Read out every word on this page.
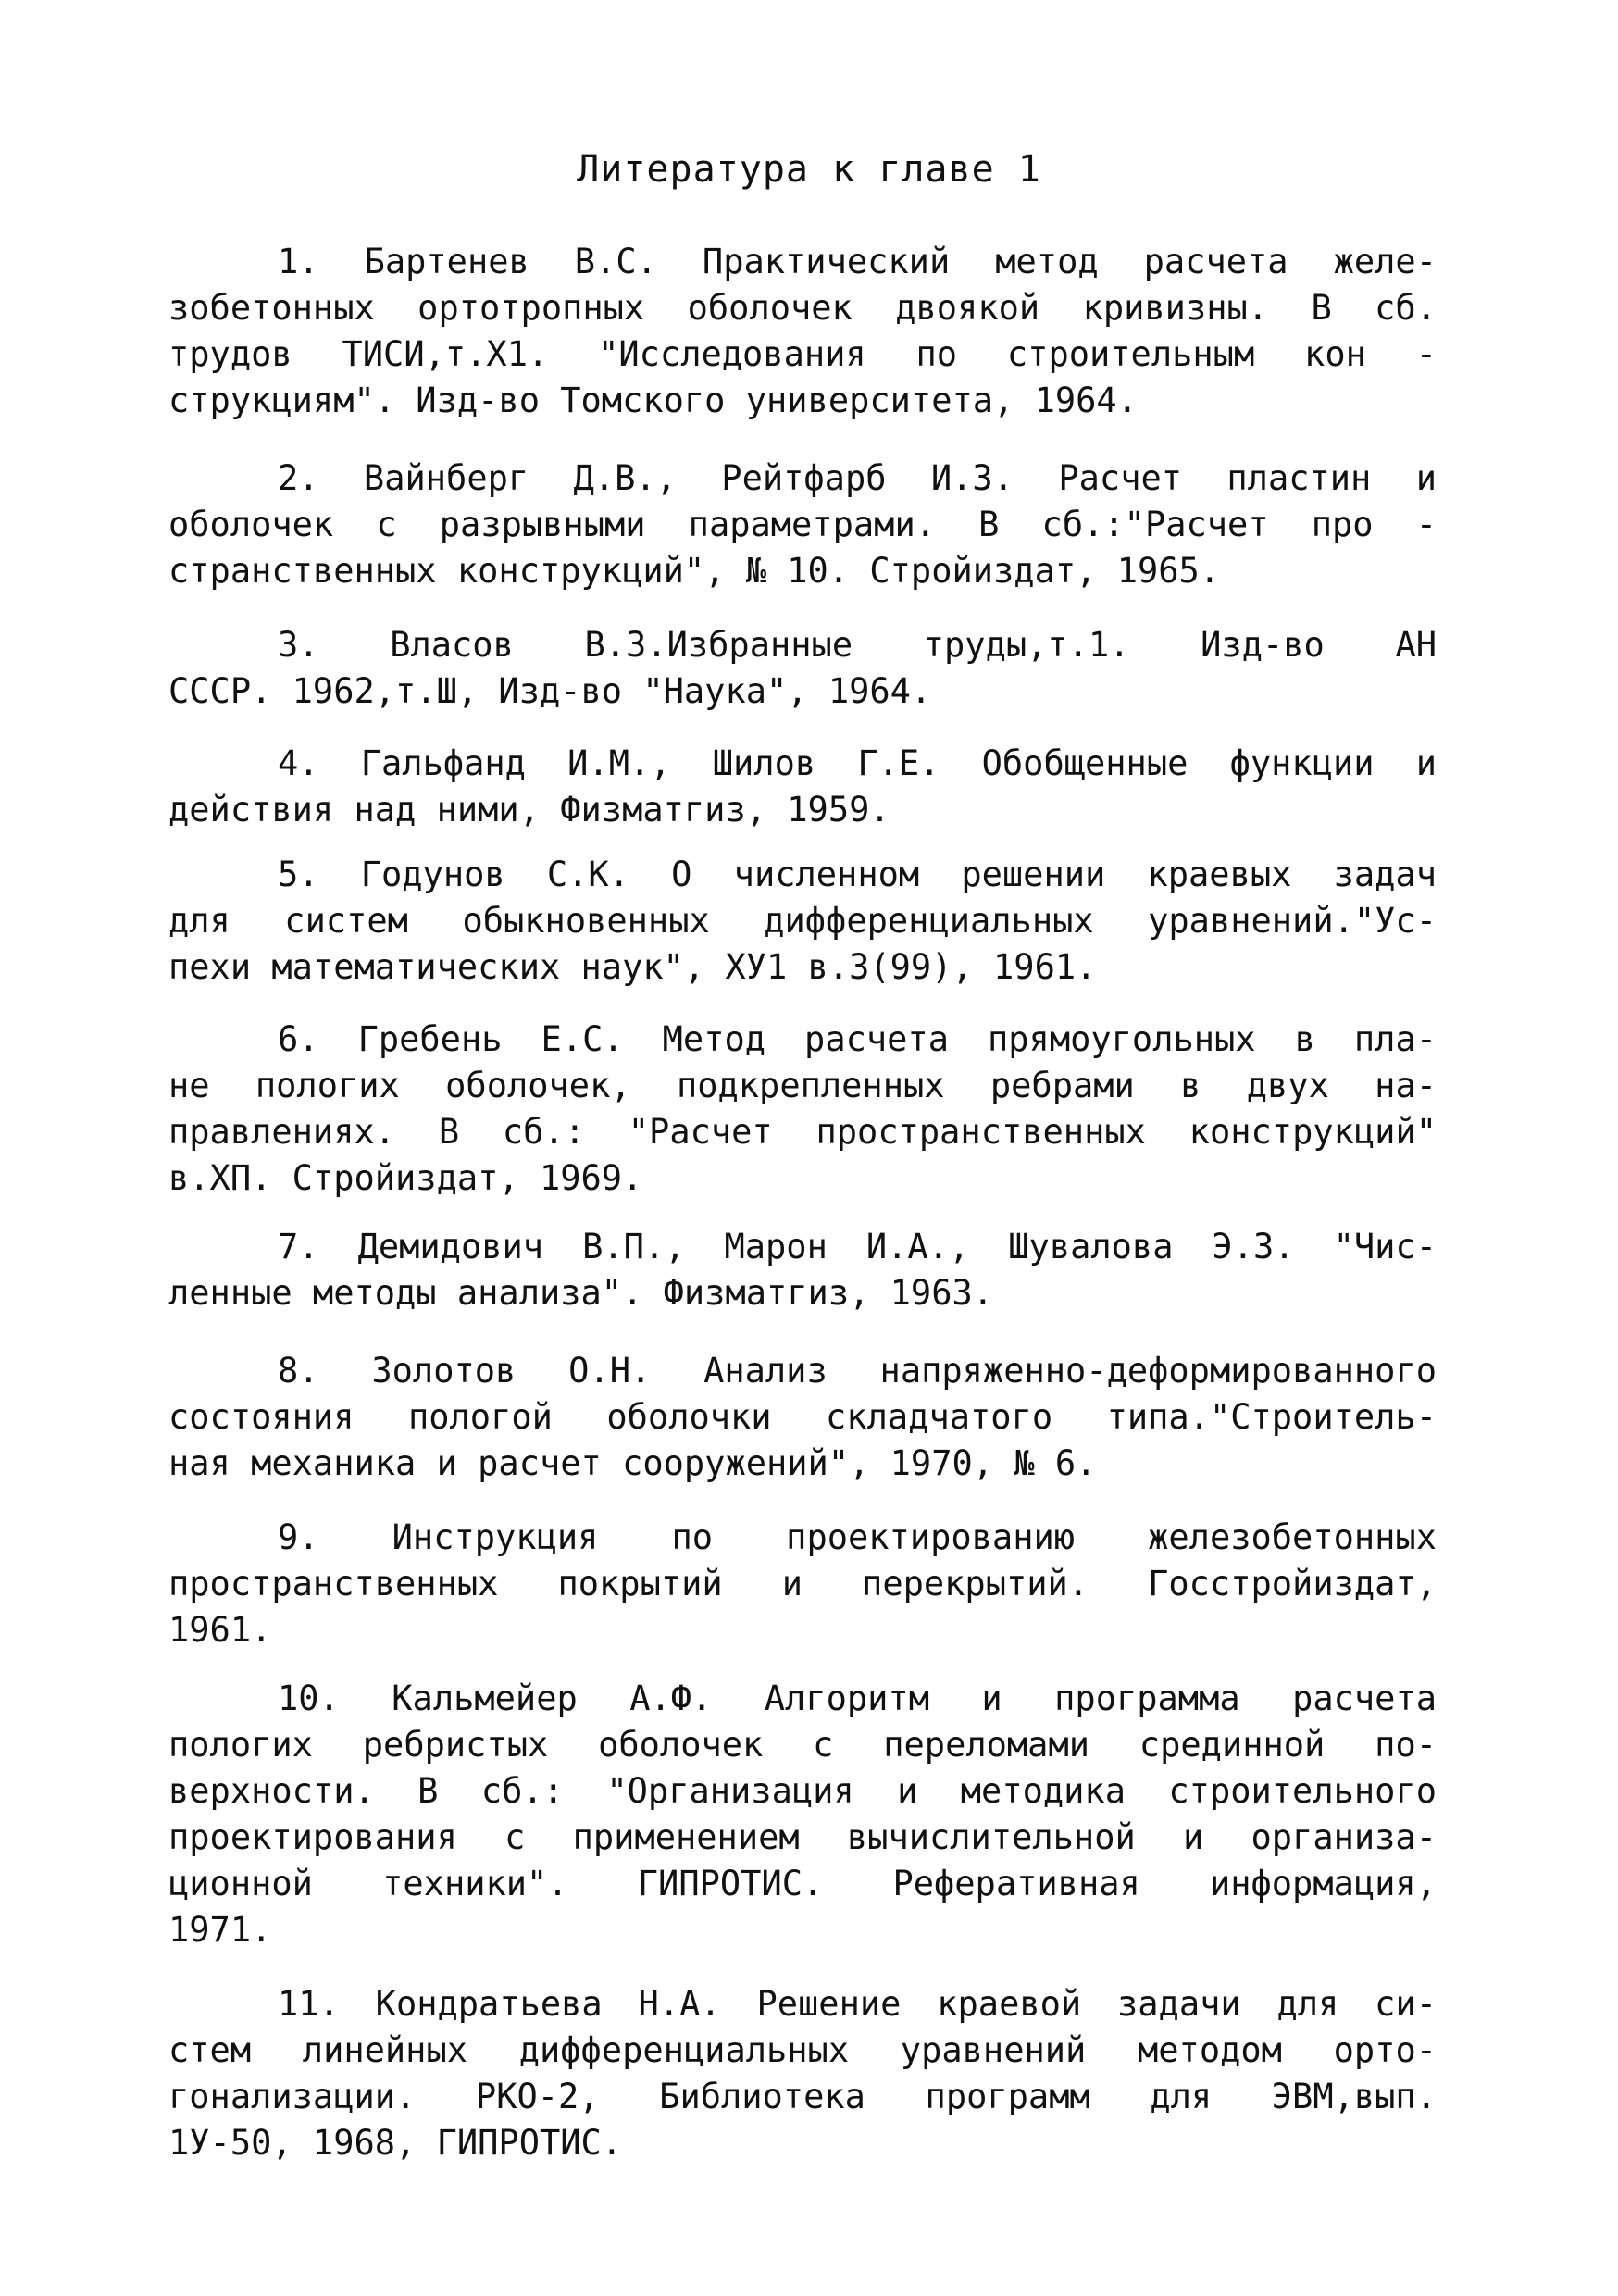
Литература к главе 1
1. Бартенев В.С. Практический метод расчета желе-
зобетонных ортотропных оболочек двоякой кривизны. В сб.
трудов ТИСИ,т.Х1. "Исследования по строительным кон -
струкциям". Изд-во Томского университета, 1964.
2. Вайнберг Д.В., Рейтфарб И.З. Расчет пластин и
оболочек с разрывными параметрами. В сб.:"Расчет про -
странственных конструкций", № 10. Стройиздат, 1965.
3. Власов В.З.Избранные труды,т.1. Изд-во АН
СССР. 1962,т.Ш, Изд-во "Наука", 1964.
4. Гальфанд И.М., Шилов Г.Е. Обобщенные функции и
действия над ними, Физматгиз, 1959.
5. Годунов С.К. О численном решении краевых задач
для систем обыкновенных дифференциальных уравнений."Ус-
пехи математических наук", ХУ1 в.3(99), 1961.
6. Гребень Е.С. Метод расчета прямоугольных в пла-
не пологих оболочек, подкрепленных ребрами в двух на-
правлениях. В сб.: "Расчет пространственных конструкций"
в.ХП. Стройиздат, 1969.
7. Демидович В.П., Марон И.А., Шувалова Э.З. "Чис-
ленные методы анализа". Физматгиз, 1963.
8. Золотов О.Н. Анализ напряженно-деформированного
состояния пологой оболочки складчатого типа."Строитель-
ная механика и расчет сооружений", 1970, № 6.
9. Инструкция по проектированию железобетонных
пространственных покрытий и перекрытий. Госстройиздат,
1961.
10. Кальмейер А.Ф. Алгоритм и программа расчета
пологих ребристых оболочек с переломами срединной по-
верхности. В сб.: "Организация и методика строительного
проектирования с применением вычислительной и организа-
ционной техники". ГИПРОТИС. Реферативная информация,
1971.
11. Кондратьева Н.А. Решение краевой задачи для си-
стем линейных дифференциальных уравнений методом орто-
гонализации. РКО-2, Библиотека программ для ЭВМ,вып.
1У-50, 1968, ГИПРОТИС.
